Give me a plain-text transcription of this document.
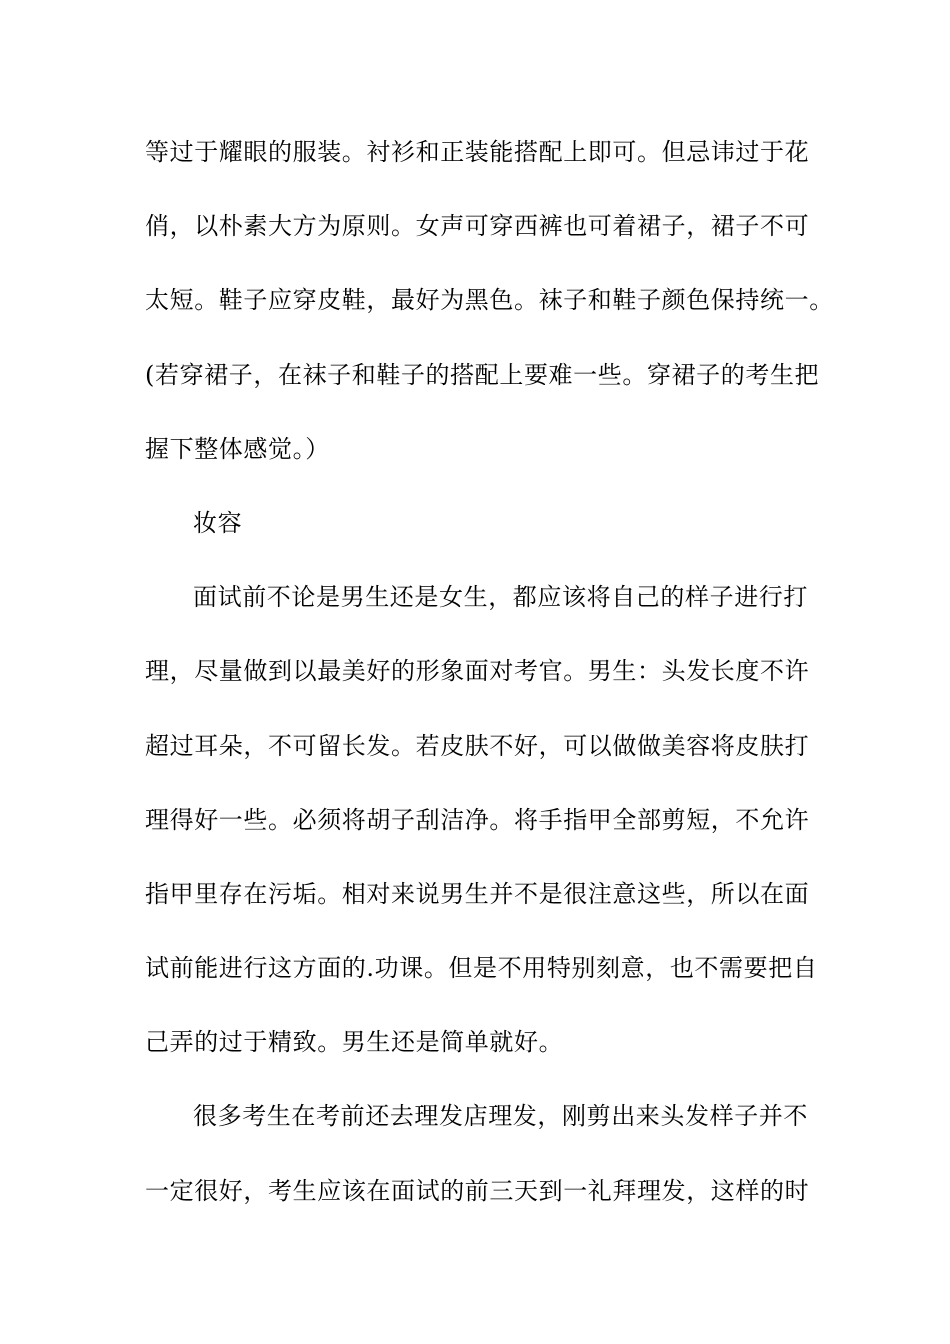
等过于耀眼的服装。衬衫和正装能搭配上即可。但忌讳过于花
俏，以朴素大方为原则。女声可穿西裤也可着裙子，裙子不可
太短。鞋子应穿皮鞋，最好为黑色。袜子和鞋子颜色保持统一。
(若穿裙子，在袜子和鞋子的搭配上要难一些。穿裙子的考生把
握下整体感觉。）
妆容
面试前不论是男生还是女生，都应该将自己的样子进行打
理，尽量做到以最美好的形象面对考官。男生：头发长度不许
超过耳朵，不可留长发。若皮肤不好，可以做做美容将皮肤打
理得好一些。必须将胡子刮洁净。将手指甲全部剪短，不允许
指甲里存在污垢。相对来说男生并不是很注意这些，所以在面
试前能进行这方面的.功课。但是不用特别刻意，也不需要把自
己弄的过于精致。男生还是简单就好。
很多考生在考前还去理发店理发，刚剪出来头发样子并不
一定很好，考生应该在面试的前三天到一礼拜理发，这样的时
